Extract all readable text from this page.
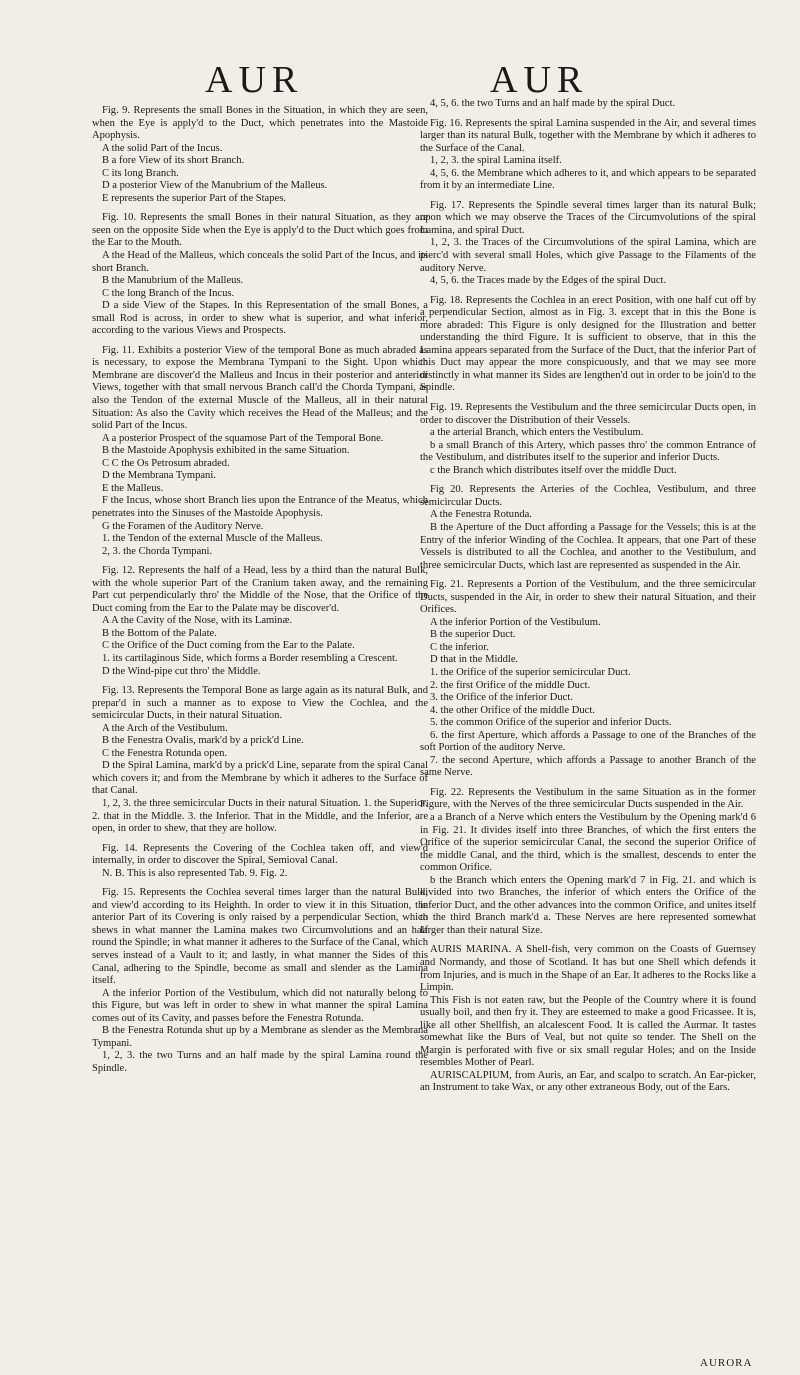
AUR	AUR

Fig. 9. Represents the small Bones in the Situation, in which they are seen, when the Eye is apply'd to the Duct, which penetrates into the Mastoide Apophysis.

A the solid Part of the Incus.

B a fore View of its short Branch.

C its long Branch.

D a posterior View of the Manubrium of the Malleus.

E represents the superior Part of the Stapes.

Fig. 10. Represents the small Bones in their natural Situation, as they are seen on the opposite Side when the Eye is apply'd to the Duct which goes from the Ear to the Mouth.

A the Head of the Malleus, which conceals the solid Part of the Incus, and its short Branch.

B the Manubrium of the Malleus.

C the long Branch of the Incus.

D a side View of the Stapes. In this Representation of the small Bones, a small Rod is across, in order to shew what is superior, and what inferior, according to the various Views and Prospects.

Fig. 11. Exhibits a posterior View of the temporal Bone as much abraded as is necessary, to expose the Membrana Tympani to the Sight. Upon which Membrane are discover'd the Malleus and Incus in their posterior and anterior Views, together with that small nervous Branch call'd the Chorda Tympani, as also the Tendon of the external Muscle of the Malleus, all in their natural Situation: As also the Cavity which receives the Head of the Malleus; and the solid Part of the Incus.

A a posterior Prospect of the squamose Part of the Temporal Bone.

B the Mastoide Apophysis exhibited in the same Situation.

C C the Os Petrosum abraded.

D the Membrana Tympani.

E the Malleus.

F the Incus, whose short Branch lies upon the Entrance of the Meatus, which penetrates into the Sinuses of the Mastoide Apophysis.

G the Foramen of the Auditory Nerve.

1. the Tendon of the external Muscle of the Malleus.

2, 3. the Chorda Tympani.

Fig. 12. Represents the half of a Head, less by a third than the natural Bulk, with the whole superior Part of the Cranium taken away, and the remaining Part cut perpendicularly thro' the Middle of the Nose, that the Orifice of the Duct coming from the Ear to the Palate may be discover'd.

A A the Cavity of the Nose, with its Laminæ.

B the Bottom of the Palate.

C the Orifice of the Duct coming from the Ear to the Palate.

1. its cartilaginous Side, which forms a Border resembling a Crescent.

D the Wind-pipe cut thro' the Middle.

Fig. 13. Represents the Temporal Bone as large again as its natural Bulk, and prepar'd in such a manner as to expose to View the Cochlea, and the semicircular Ducts, in their natural Situation.

A the Arch of the Vestibulum.

B the Fenestra Ovalis, mark'd by a prick'd Line.

C the Fenestra Rotunda open.

D the Spiral Lamina, mark'd by a prick'd Line, separate from the spiral Canal which covers it; and from the Membrane by which it adheres to the Surface of that Canal.

1, 2, 3. the three semicircular Ducts in their natural Situation. 1. the Superior. 2. that in the Middle. 3. the Inferior. That in the Middle, and the Inferior, are open, in order to shew, that they are hollow.

Fig. 14. Represents the Covering of the Cochlea taken off, and view'd internally, in order to discover the Spiral, Semioval Canal.

N. B. This is also represented Tab. 9. Fig. 2.

Fig. 15. Represents the Cochlea several times larger than the natural Bulk, and view'd according to its Heighth. In order to view it in this Situation, the anterior Part of its Covering is only raised by a perpendicular Section, which shews in what manner the Lamina makes two Circumvolutions and an half round the Spindle; in what manner it adheres to the Surface of the Canal, which serves instead of a Vault to it; and lastly, in what manner the Sides of this Canal, adhering to the Spindle, become as small and slender as the Lamina itself.

A the inferior Portion of the Vestibulum, which did not naturally belong to this Figure, but was left in order to shew in what manner the spiral Lamina comes out of its Cavity, and passes before the Fenestra Rotunda.

B the Fenestra Rotunda shut up by a Membrane as slender as the Membrana Tympani.

1, 2, 3. the two Turns and an half made by the spiral Lamina round the Spindle.

4, 5, 6. the two Turns and an half made by the spiral Duct.

Fig. 16. Represents the spiral Lamina suspended in the Air, and several times larger than its natural Bulk, together with the Membrane by which it adheres to the Surface of the Canal.

1, 2, 3. the spiral Lamina itself.

4, 5, 6. the Membrane which adheres to it, and which appears to be separated from it by an intermediate Line.

Fig. 17. Represents the Spindle several times larger than its natural Bulk; upon which we may observe the Traces of the Circumvolutions of the spiral Lamina, and spiral Duct.

1, 2, 3. the Traces of the Circumvolutions of the spiral Lamina, which are pierc'd with several small Holes, which give Passage to the Filaments of the auditory Nerve.

4, 5, 6. the Traces made by the Edges of the spiral Duct.

Fig. 18. Represents the Cochlea in an erect Position, with one half cut off by a perpendicular Section, almost as in Fig. 3. except that in this the Bone is more abraded: This Figure is only designed for the Illustration and better understanding the third Figure. It is sufficient to observe, that in this the Lamina appears separated from the Surface of the Duct, that the inferior Part of this Duct may appear the more conspicuously, and that we may see more distinctly in what manner its Sides are lengthen'd out in order to be join'd to the Spindle.

Fig. 19. Represents the Vestibulum and the three semicircular Ducts open, in order to discover the Distribution of their Vessels.

a the arterial Branch, which enters the Vestibulum.

b a small Branch of this Artery, which passes thro' the common Entrance of the Vestibulum, and distributes itself to the superior and inferior Ducts.

c the Branch which distributes itself over the middle Duct.

Fig 20. Represents the Arteries of the Cochlea, Vestibulum, and three semicircular Ducts.

A the Fenestra Rotunda.

B the Aperture of the Duct affording a Passage for the Vessels; this is at the Entry of the inferior Winding of the Cochlea. It appears, that one Part of these Vessels is distributed to all the Cochlea, and another to the Vestibulum, and three semicircular Ducts, which last are represented as suspended in the Air.

Fig. 21. Represents a Portion of the Vestibulum, and the three semicircular Ducts, suspended in the Air, in order to shew their natural Situation, and their Orifices.

A the inferior Portion of the Vestibulum.

B the superior Duct.

C the inferior.

D that in the Middle.

1. the Orifice of the superior semicircular Duct.

2. the first Orifice of the middle Duct.

3. the Orifice of the inferior Duct.

4. the other Orifice of the middle Duct.

5. the common Orifice of the superior and inferior Ducts.

6. the first Aperture, which affords a Passage to one of the Branches of the soft Portion of the auditory Nerve.

7. the second Aperture, which affords a Passage to another Branch of the same Nerve.

Fig. 22. Represents the Vestibulum in the same Situation as in the former Figure, with the Nerves of the three semicircular Ducts suspended in the Air.

a a Branch of a Nerve which enters the Vestibulum by the Opening mark'd 6 in Fig. 21. It divides itself into three Branches, of which the first enters the Orifice of the superior semicircular Canal, the second the superior Orifice of the middle Canal, and the third, which is the smallest, descends to enter the common Orifice.

b the Branch which enters the Opening mark'd 7 in Fig. 21. and which is divided into two Branches, the inferior of which enters the Orifice of the inferior Duct, and the other advances into the common Orifice, and unites itself to the third Branch mark'd a. These Nerves are here represented somewhat larger than their natural Size.

AURIS MARINA. A Shell-fish, very common on the Coasts of Guernsey and Normandy, and those of Scotland. It has but one Shell which defends it from Injuries, and is much in the Shape of an Ear. It adheres to the Rocks like a Limpin.

This Fish is not eaten raw, but the People of the Country where it is found usually boil, and then fry it. They are esteemed to make a good Fricassee. It is, like all other Shellfish, an alcalescent Food. It is called the Aurmar. It tastes somewhat like the Burs of Veal, but not quite so tender. The Shell on the Margin is perforated with five or six small regular Holes; and on the Inside resembles Mother of Pearl.

AURISCALPIUM, from Auris, an Ear, and scalpo to scratch. An Ear-picker, an Instrument to take Wax, or any other extraneous Body, out of the Ears.

AURORA
